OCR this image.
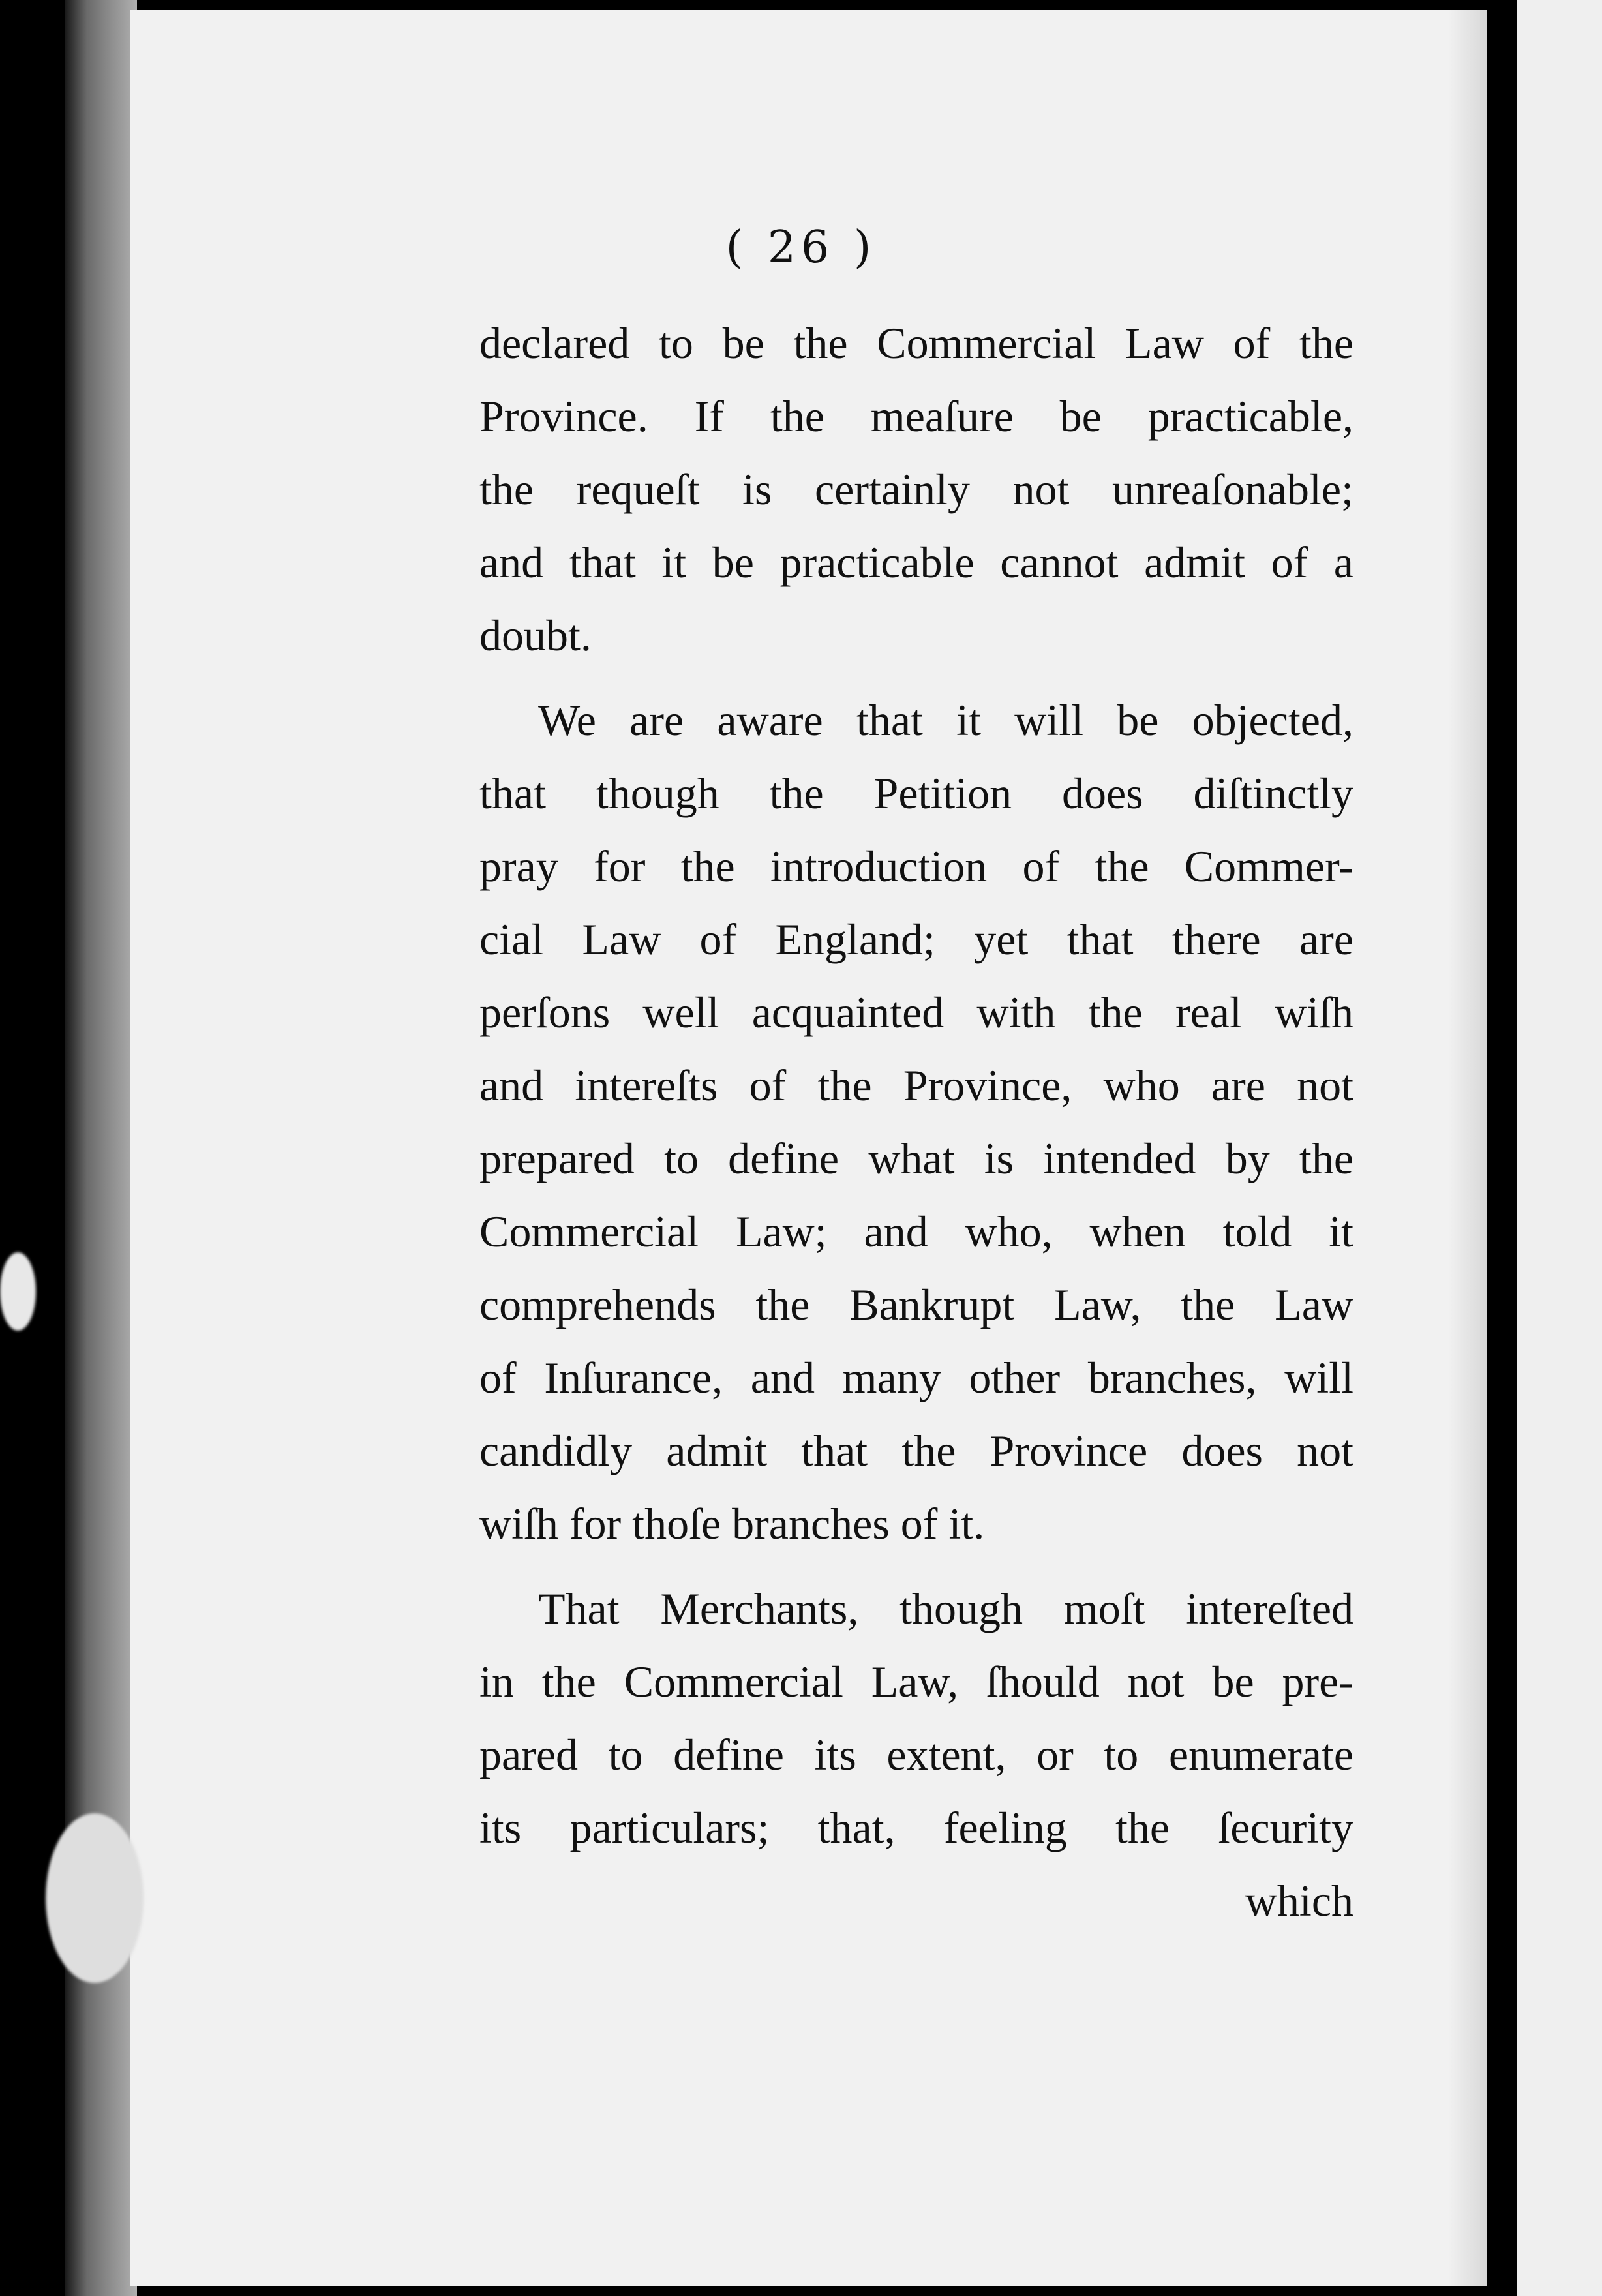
( 26 )
declared to be the Commercial Law of the
Province. If the meaſure be practicable,
the requeſt is certainly not unreaſonable;
and that it be practicable cannot admit of a
doubt.
We are aware that it will be objected,
that though the Petition does diſtinctly
pray for the introduction of the Commer-
cial Law of England; yet that there are
perſons well acquainted with the real wiſh
and intereſts of the Province, who are not
prepared to define what is intended by the
Commercial Law; and who, when told it
comprehends the Bankrupt Law, the Law
of Inſurance, and many other branches, will
candidly admit that the Province does not
wiſh for thoſe branches of it.
That Merchants, though moſt intereſted
in the Commercial Law, ſhould not be pre-
pared to define its extent, or to enumerate
its particulars; that, feeling the ſecurity
which
